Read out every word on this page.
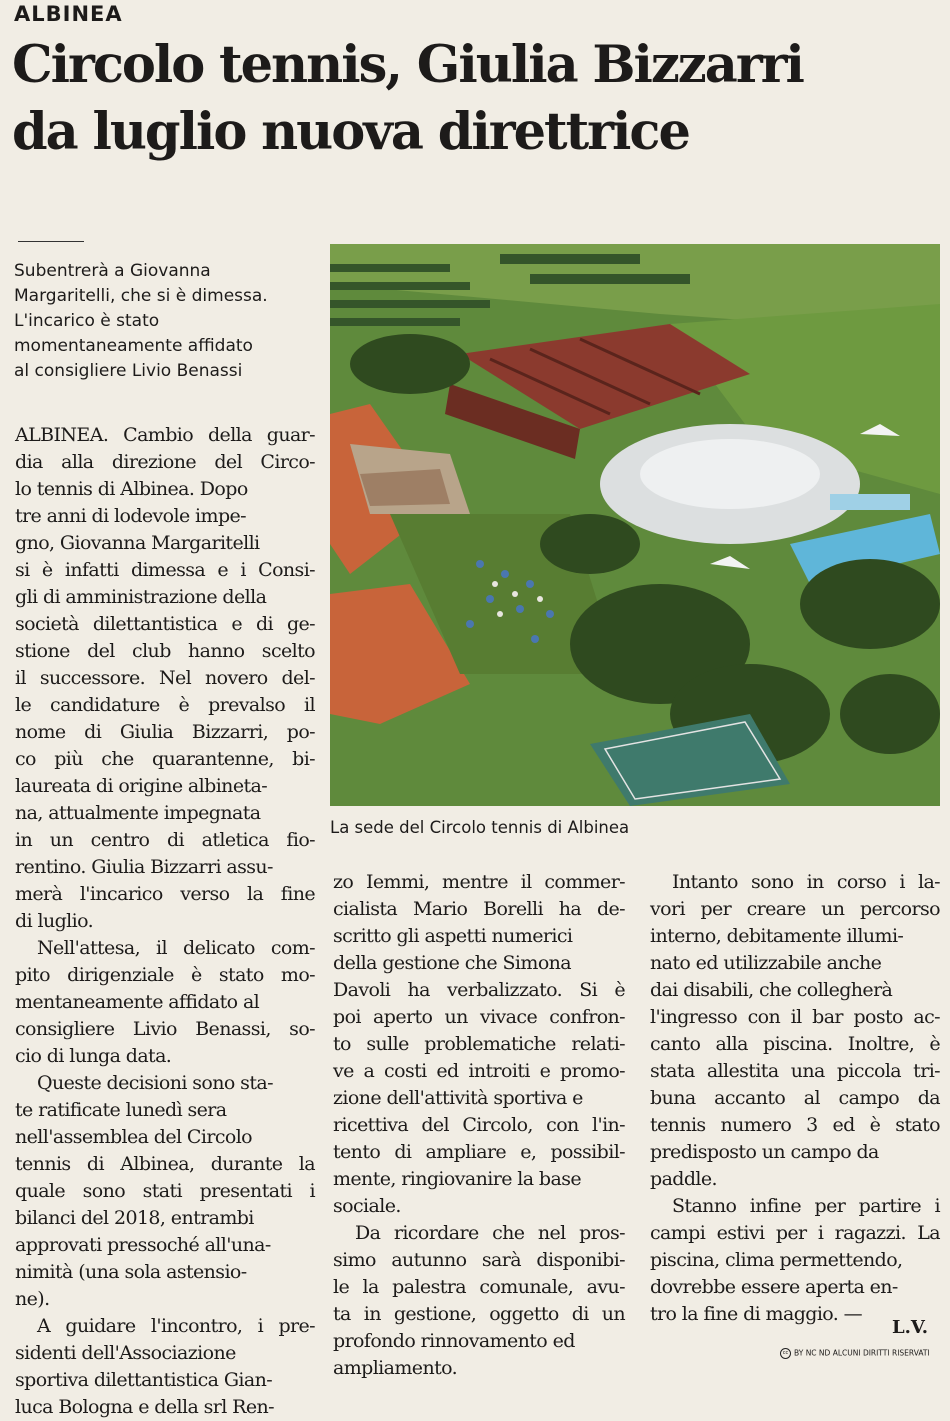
ALBINEA
Circolo tennis, Giulia Bizzarri
da luglio nuova direttrice
Subentrerà a Giovanna
Margaritelli, che si è dimessa.
L'incarico è stato
momentaneamente affidato
al consigliere Livio Benassi
La sede del Circolo tennis di Albinea
ALBINEA. Cambio della guar-
dia alla direzione del Circo-
lo tennis di Albinea. Dopo
tre anni di lodevole impe-
gno, Giovanna Margaritelli
si è infatti dimessa e i Consi-
gli di amministrazione della
società dilettantistica e di ge-
stione del club hanno scelto
il successore. Nel novero del-
le candidature è prevalso il
nome di Giulia Bizzarri, po-
co più che quarantenne, bi-
laureata di origine albineta-
na, attualmente impegnata
in un centro di atletica fio-
rentino. Giulia Bizzarri assu-
merà l'incarico verso la fine
di luglio.
Nell'attesa, il delicato com-
pito dirigenziale è stato mo-
mentaneamente affidato al
consigliere Livio Benassi, so-
cio di lunga data.
Queste decisioni sono sta-
te ratificate lunedì sera
nell'assemblea del Circolo
tennis di Albinea, durante la
quale sono stati presentati i
bilanci del 2018, entrambi
approvati pressoché all'una-
nimità (una sola astensio-
ne).
A guidare l'incontro, i pre-
sidenti dell'Associazione
sportiva dilettantistica Gian-
luca Bologna e della srl Ren-
zo Iemmi, mentre il commer-
cialista Mario Borelli ha de-
scritto gli aspetti numerici
della gestione che Simona
Davoli ha verbalizzato. Si è
poi aperto un vivace confron-
to sulle problematiche relati-
ve a costi ed introiti e promo-
zione dell'attività sportiva e
ricettiva del Circolo, con l'in-
tento di ampliare e, possibil-
mente, ringiovanire la base
sociale.
Da ricordare che nel pros-
simo autunno sarà disponibi-
le la palestra comunale, avu-
ta in gestione, oggetto di un
profondo rinnovamento ed
ampliamento.
Intanto sono in corso i la-
vori per creare un percorso
interno, debitamente illumi-
nato ed utilizzabile anche
dai disabili, che collegherà
l'ingresso con il bar posto ac-
canto alla piscina. Inoltre, è
stata allestita una piccola tri-
buna accanto al campo da
tennis numero 3 ed è stato
predisposto un campo da
paddle.
Stanno infine per partire i
campi estivi per i ragazzi. La
piscina, clima permettendo,
dovrebbe essere aperta en-
tro la fine di maggio. —
L.V.
cc BY NC ND ALCUNI DIRITTI RISERVATI
